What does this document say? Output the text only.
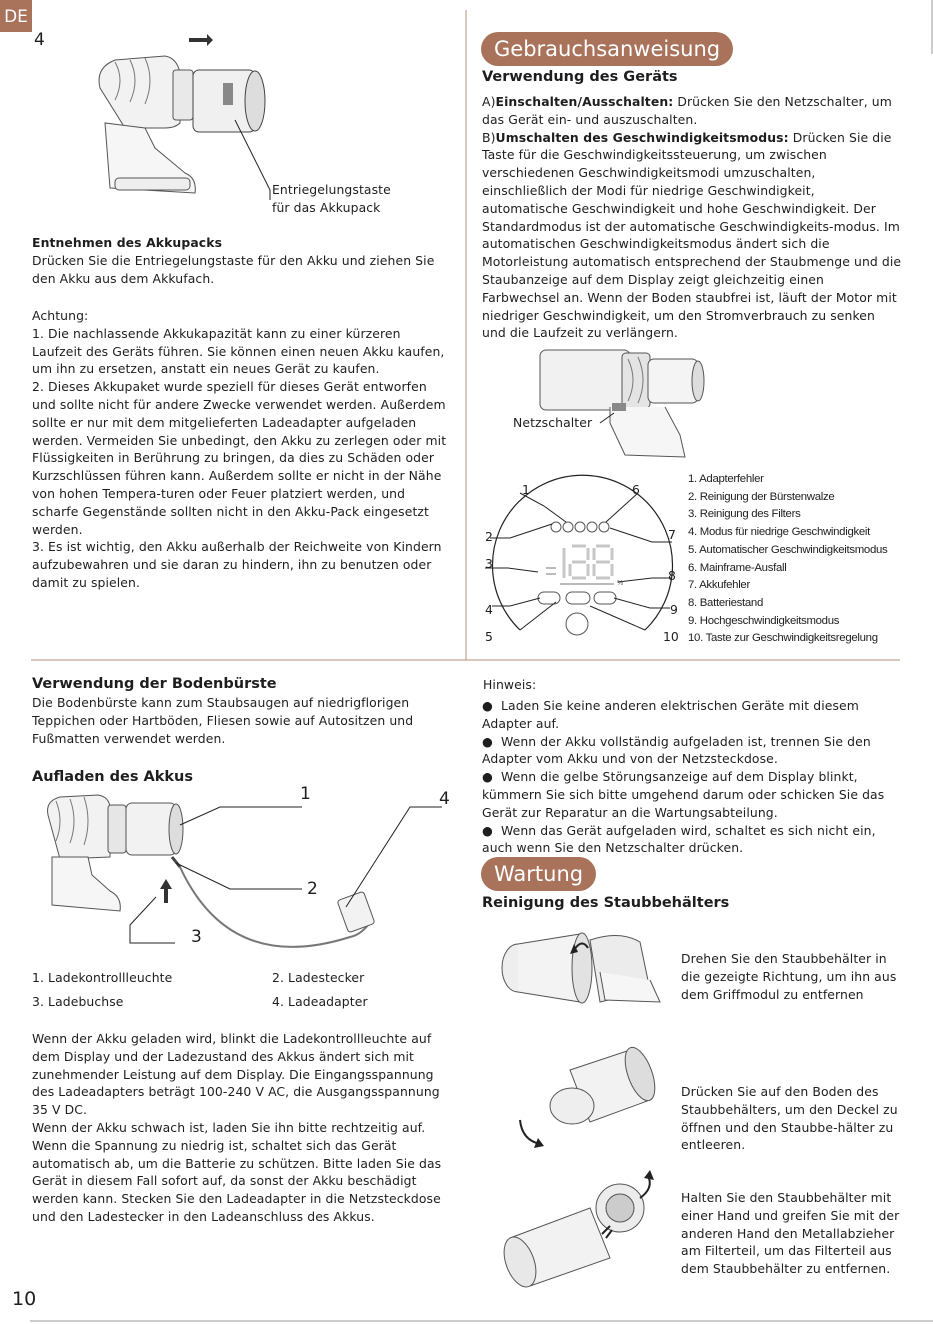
DE
10
4
Entriegelungstaste
für das Akkupack
Entnehmen des Akkupacks

Drücken Sie die Entriegelungstaste für den Akku und ziehen Sie den Akku aus dem Akkufach.

Achtung:

1. Die nachlassende Akkukapazität kann zu einer kürzeren Laufzeit des Geräts führen. Sie können einen neuen Akku kaufen, um ihn zu ersetzen, anstatt ein neues Gerät zu kaufen.

2. Dieses Akkupaket wurde speziell für dieses Gerät entworfen und sollte nicht für andere Zwecke verwendet werden. Außerdem sollte er nur mit dem mitgelieferten Ladeadapter aufgeladen werden. Vermeiden Sie unbedingt, den Akku zu zerlegen oder mit Flüssigkeiten in Berührung zu bringen, da dies zu Schäden oder Kurzschlüssen führen kann. Außerdem sollte er nicht in der Nähe von hohen Tempera-turen oder Feuer platziert werden, und scharfe Gegenstände sollten nicht in den Akku-Pack eingesetzt werden.

3. Es ist wichtig, den Akku außerhalb der Reichweite von Kindern aufzubewahren und sie daran zu hindern, ihn zu benutzen oder damit zu spielen.

Gebrauchsanweisung
Verwendung des Geräts

A)Einschalten/Ausschalten: Drücken Sie den Netzschalter, um das Gerät ein- und auszuschalten.

B)Umschalten des Geschwindigkeitsmodus: Drücken Sie die Taste für die Geschwindigkeitssteuerung, um zwischen verschiedenen Geschwindigkeitsmodi umzuschalten, einschließlich der Modi für niedrige Geschwindigkeit, automatische Geschwindigkeit und hohe Geschwindigkeit. Der Standardmodus ist der automatische Geschwindigkeits-modus. Im automatischen Geschwindigkeitsmodus ändert sich die Motorleistung automatisch entsprechend der Staubmenge und die Staubanzeige auf dem Display zeigt gleichzeitig einen Farbwechsel an. Wenn der Boden staubfrei ist, läuft der Motor mit niedriger Geschwindigkeit, um den Stromverbrauch zu senken und die Laufzeit zu verlängern.

Netzschalter
%
1
2
3
4
5
6
7
8
9
10
1. Adapterfehler
2. Reinigung der Bürstenwalze
3. Reinigung des Filters
4. Modus für niedrige Geschwindigkeit
5. Automatischer Geschwindigkeitsmodus
6. Mainframe-Ausfall
7. Akkufehler
8. Batteriestand
9. Hochgeschwindigkeitsmodus
10. Taste zur Geschwindigkeitsregelung
Verwendung der Bodenbürste
Die Bodenbürste kann zum Staubsaugen auf niedrigflorigen Teppichen oder Hartböden, Fliesen sowie auf Autositzen und Fußmatten verwendet werden.
Aufladen des Akkus
1
2
3
4
1. Ladekontrollleuchte	2. Ladestecker
3. Ladebuchse	4. Ladeadapter

Wenn der Akku geladen wird, blinkt die Ladekontrollleuchte auf dem Display und der Ladezustand des Akkus ändert sich mit zunehmender Leistung auf dem Display. Die Eingangsspannung des Ladeadapters beträgt 100-240 V AC, die Ausgangsspannung 35 V DC.

Wenn der Akku schwach ist, laden Sie ihn bitte rechtzeitig auf. Wenn die Spannung zu niedrig ist, schaltet sich das Gerät automatisch ab, um die Batterie zu schützen. Bitte laden Sie das Gerät in diesem Fall sofort auf, da sonst der Akku beschädigt werden kann. Stecken Sie den Ladeadapter in die Netzsteckdose und den Ladestecker in den Ladeanschluss des Akkus.

Hinweis:

● Laden Sie keine anderen elektrischen Geräte mit diesem Adapter auf.

● Wenn der Akku vollständig aufgeladen ist, trennen Sie den Adapter vom Akku und von der Netzsteckdose.

● Wenn die gelbe Störungsanzeige auf dem Display blinkt, kümmern Sie sich bitte umgehend darum oder schicken Sie das Gerät zur Reparatur an die Wartungsabteilung.

● Wenn das Gerät aufgeladen wird, schaltet es sich nicht ein, auch wenn Sie den Netzschalter drücken.

Wartung
Reinigung des Staubbehälters
Drehen Sie den Staubbehälter in die gezeigte Richtung, um ihn aus dem Griffmodul zu entfernen
Drücken Sie auf den Boden des Staubbehälters, um den Deckel zu öffnen und den Staubbe-hälter zu entleeren.
Halten Sie den Staubbehälter mit einer Hand und greifen Sie mit der anderen Hand den Metallabzieher am Filterteil, um das Filterteil aus dem Staubbehälter zu entfernen.
